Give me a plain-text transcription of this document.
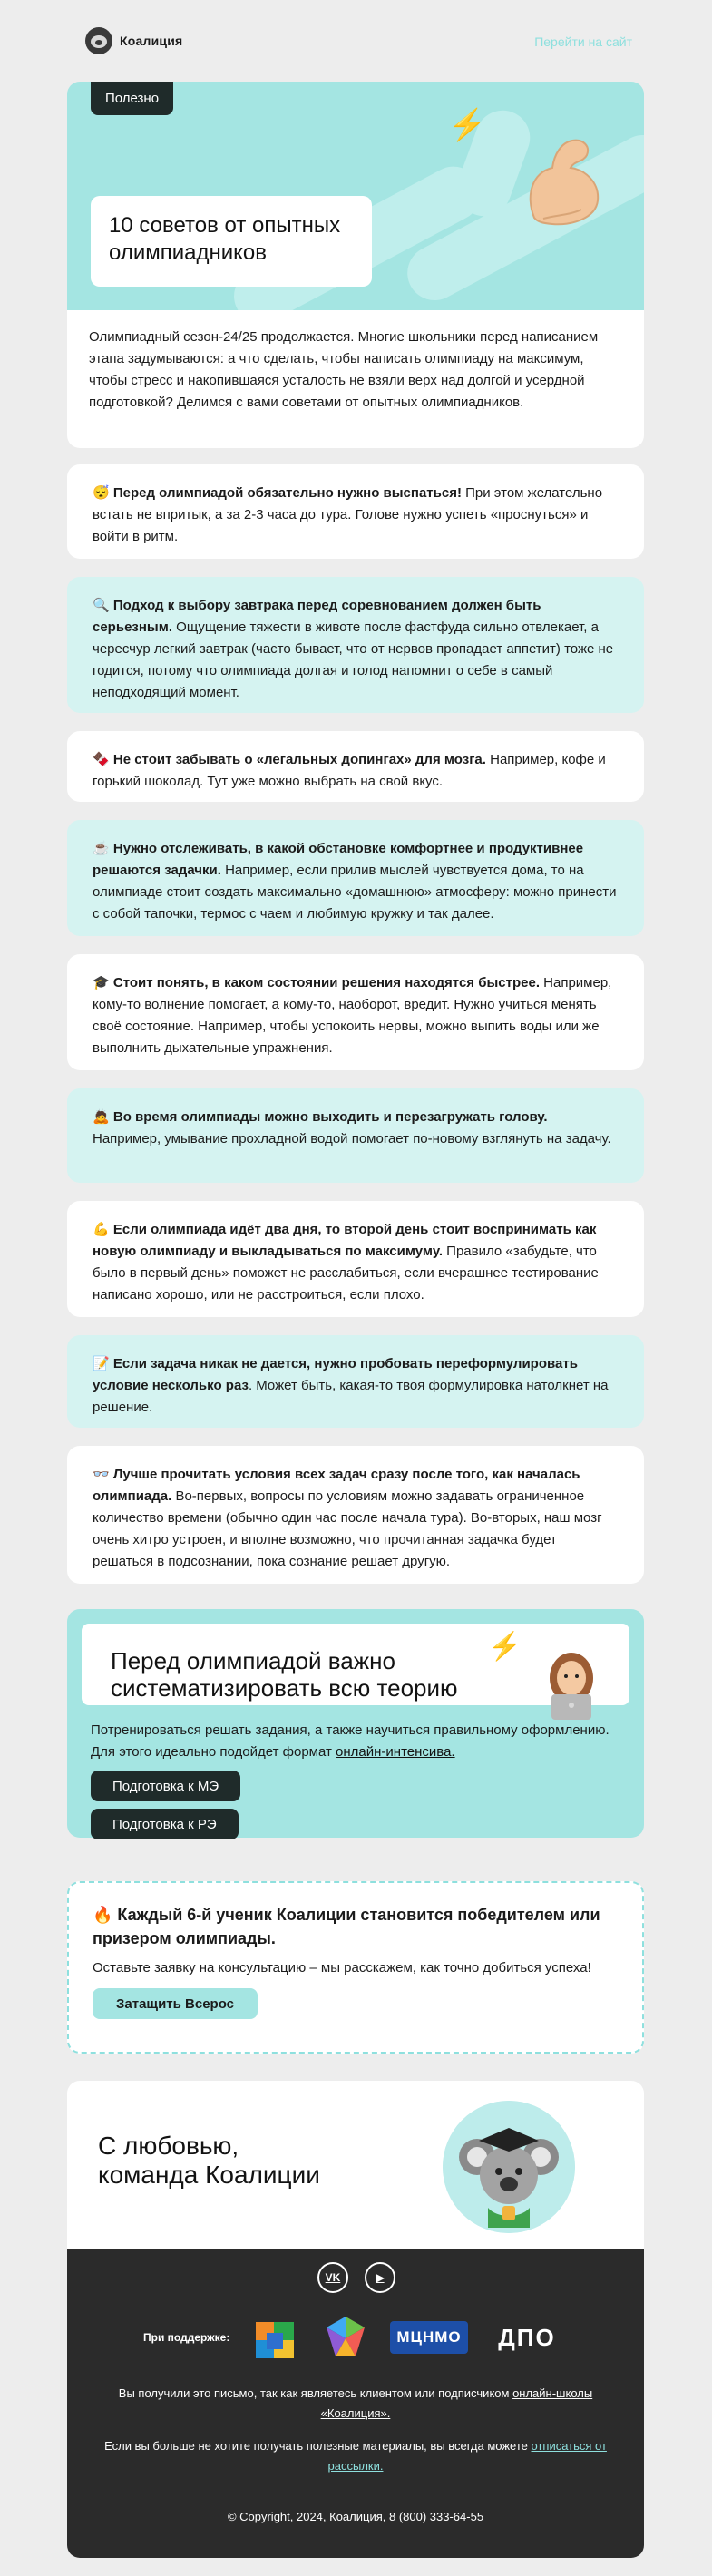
Коалиция	Перейти на сайт
Полезно
⚡
10 советов от опытных олимпиадников
Олимпиадный сезон-24/25 продолжается. Многие школьники перед написанием этапа задумываются: а что сделать, чтобы написать олимпиаду на максимум, чтобы стресс и накопившаяся усталость не взяли верх над долгой и усердной подготовкой? Делимся с вами советами от опытных олимпиадников.
😴 Перед олимпиадой обязательно нужно выспаться! При этом желательно встать не впритык, а за 2-3 часа до тура. Голове нужно успеть «проснуться» и войти в ритм.
🔍 Подход к выбору завтрака перед соревнованием должен быть серьезным. Ощущение тяжести в животе после фастфуда сильно отвлекает, а чересчур легкий завтрак (часто бывает, что от нервов пропадает аппетит) тоже не годится, потому что олимпиада долгая и голод напомнит о себе в самый неподходящий момент.
🍫 Не стоит забывать о «легальных допингах» для мозга. Например, кофе и горький шоколад. Тут уже можно выбрать на свой вкус.
☕ Нужно отслеживать, в какой обстановке комфортнее и продуктивнее решаются задачки. Например, если прилив мыслей чувствуется дома, то на олимпиаде стоит создать максимально «домашнюю» атмосферу: можно принести с собой тапочки, термос с чаем и любимую кружку и так далее.
🎓 Стоит понять, в каком состоянии решения находятся быстрее. Например, кому-то волнение помогает, а кому-то, наоборот, вредит. Нужно учиться менять своё состояние. Например, чтобы успокоить нервы, можно выпить воды или же выполнить дыхательные упражнения.
🙇 Во время олимпиады можно выходить и перезагружать голову. Например, умывание прохладной водой помогает по-новому взглянуть на задачу.
💪 Если олимпиада идёт два дня, то второй день стоит воспринимать как новую олимпиаду и выкладываться по максимуму. Правило «забудьте, что было в первый день» поможет не расслабиться, если вчерашнее тестирование написано хорошо, или не расстроиться, если плохо.
📝 Если задача никак не дается, нужно пробовать переформулировать условие несколько раз. Может быть, какая-то твоя формулировка натолкнет на решение.
👓 Лучше прочитать условия всех задач сразу после того, как началась олимпиада. Во-первых, вопросы по условиям можно задавать ограниченное количество времени (обычно один час после начала тура). Во-вторых, наш мозг очень хитро устроен, и вполне возможно, что прочитанная задачка будет решаться в подсознании, пока сознание решает другую.
Перед олимпиадой важно систематизировать всю теорию
⚡
Потренироваться решать задания, а также научиться правильному оформлению. Для этого идеально подойдет формат онлайн-интенсива.
Подготовка к МЭ
Подготовка к РЭ
🔥 Каждый 6-й ученик Коалиции становится победителем или призером олимпиады.
Оставьте заявку на консультацию – мы расскажем, как точно добиться успеха!
Затащить Всерос
С любовью,
команда Коалиции
VK	▶
При поддержке:	МЦНМО	ДПО
Вы получили это письмо, так как являетесь клиентом или подписчиком онлайн-школы «Коалиция».
Если вы больше не хотите получать полезные материалы, вы всегда можете отписаться от рассылки.
© Copyright, 2024, Коалиция, 8 (800) 333-64-55
